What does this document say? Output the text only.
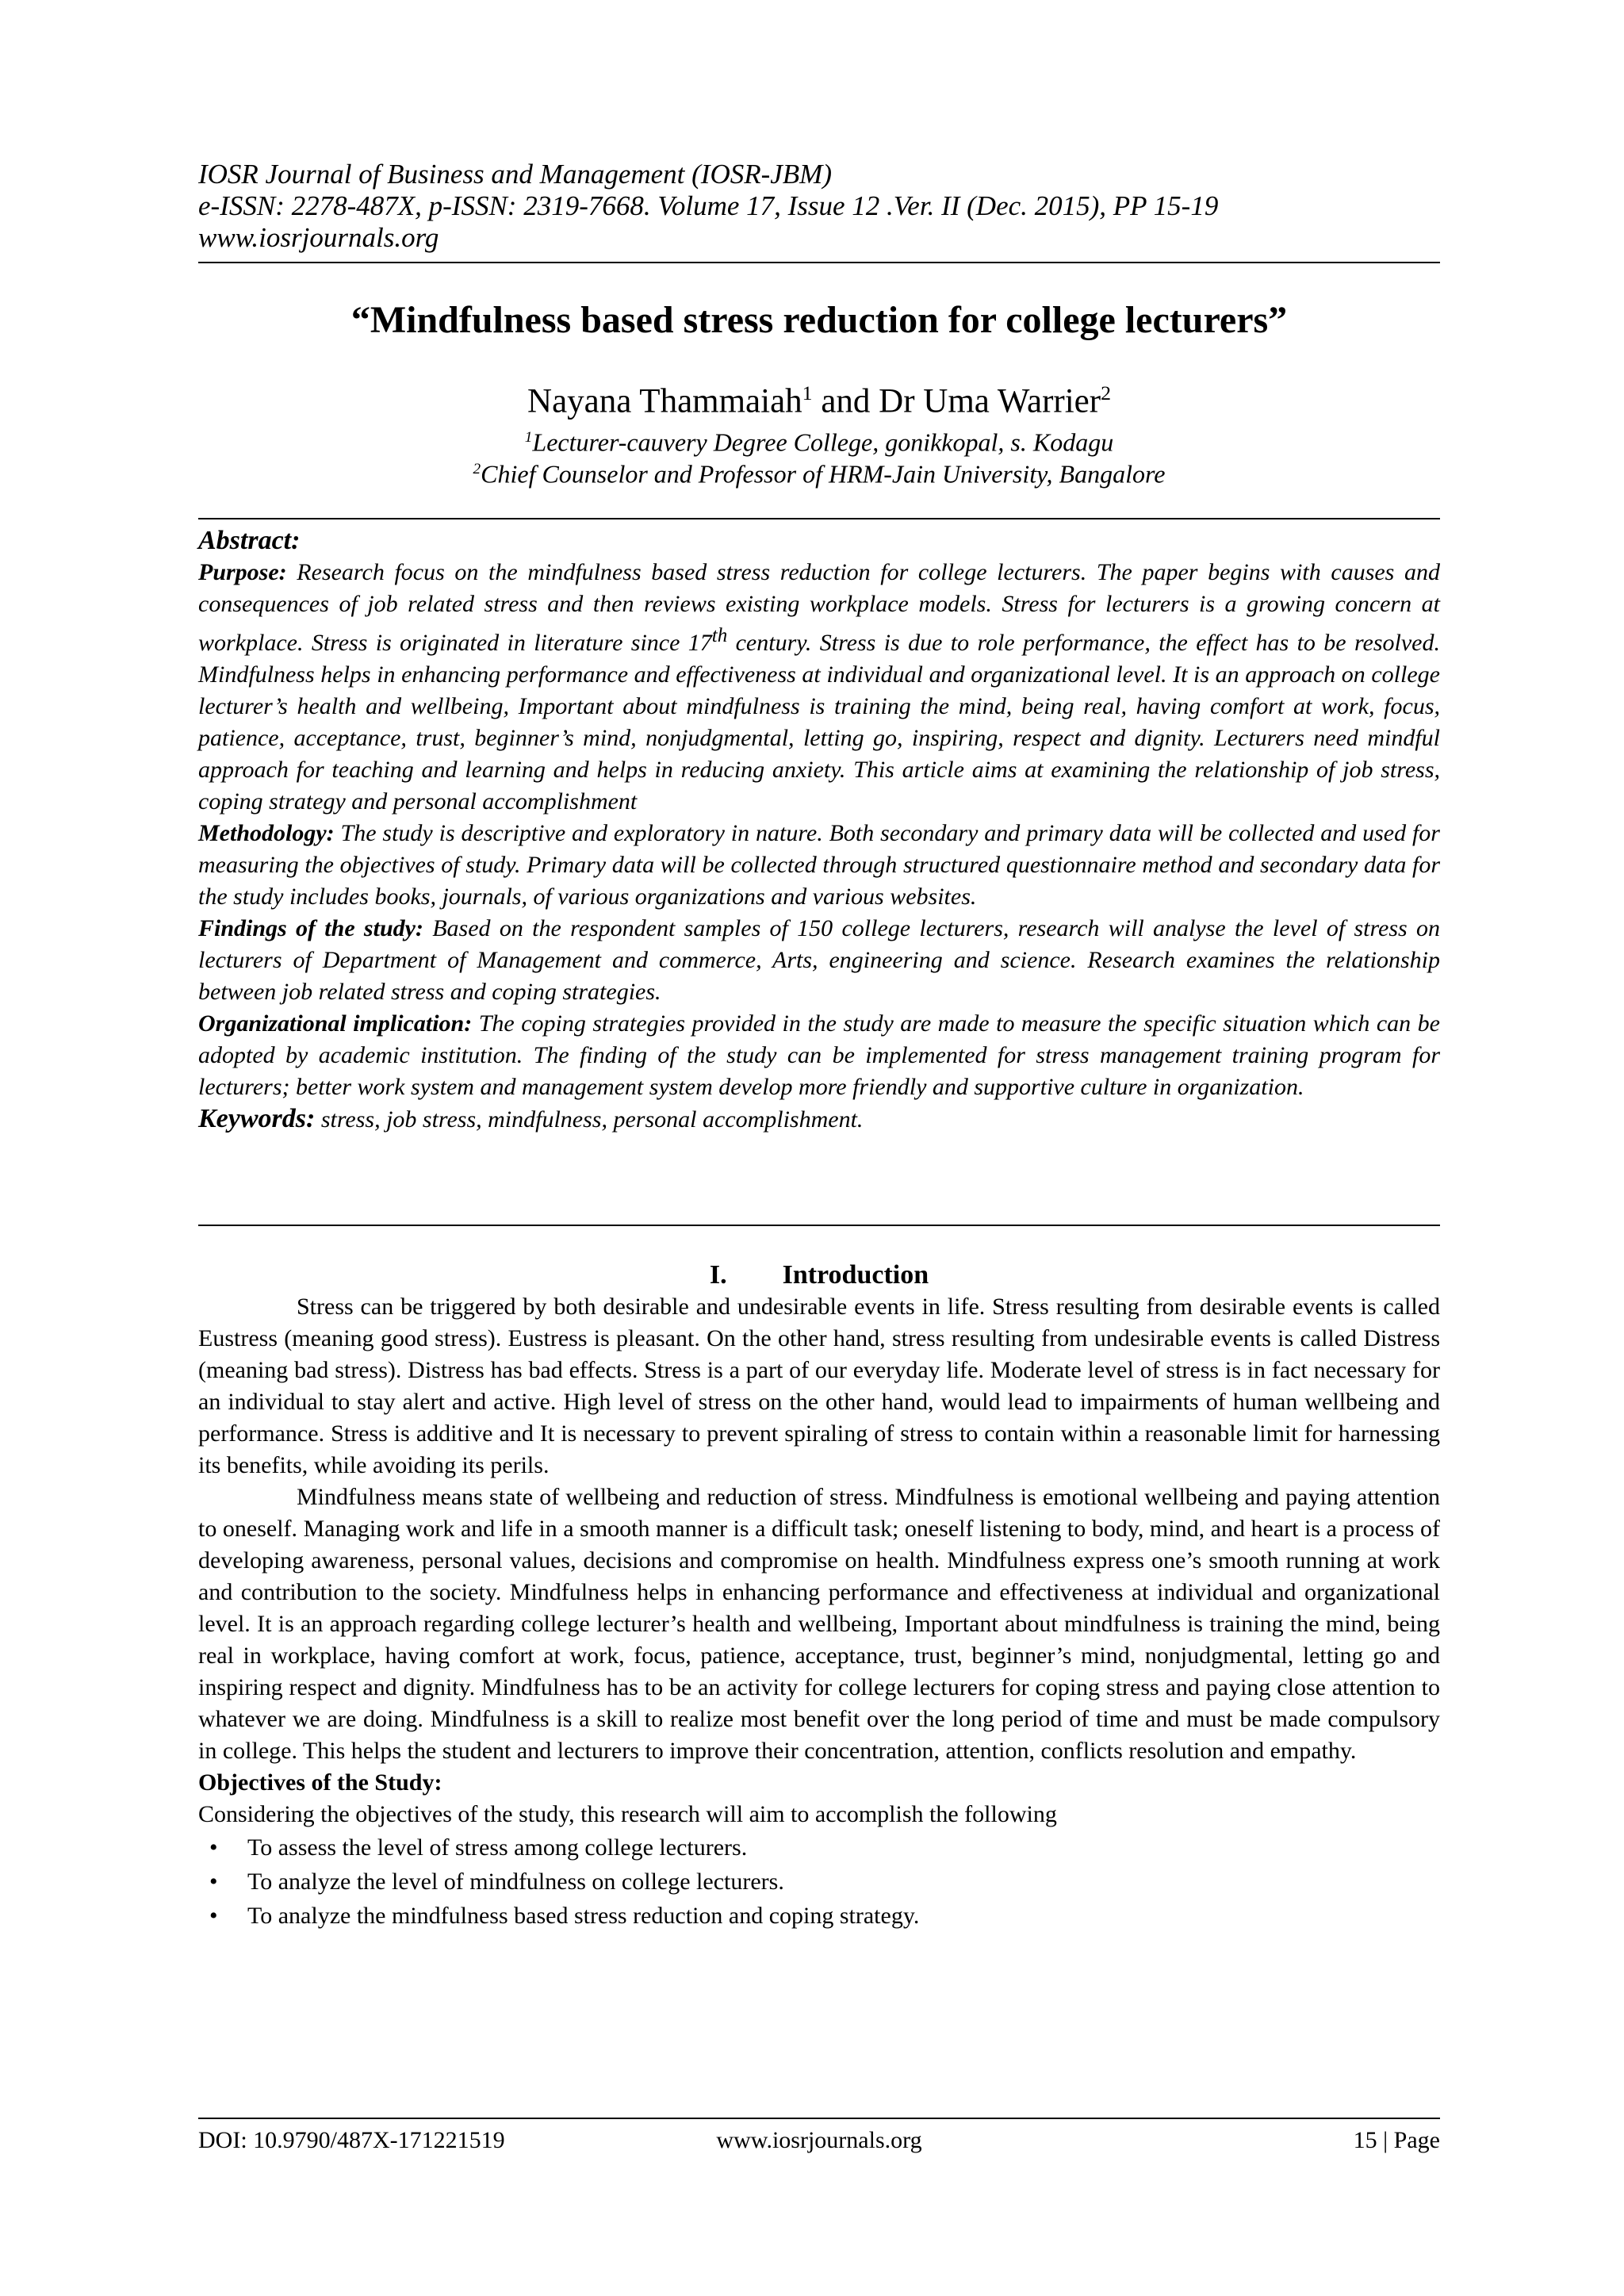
IOSR Journal of Business and Management (IOSR-JBM)
e-ISSN: 2278-487X, p-ISSN: 2319-7668. Volume 17, Issue 12 .Ver. II (Dec. 2015), PP 15-19
www.iosrjournals.org
“Mindfulness based stress reduction for college lecturers”
Nayana Thammaiah$^1$ and Dr Uma Warrier$^2$
$^1$Lecturer-cauvery Degree College, gonikkopal, s. Kodagu
$^2$Chief Counselor and Professor of HRM-Jain University, Bangalore
Abstract:

Purpose: Research focus on the mindfulness based stress reduction for college lecturers. The paper begins with causes and consequences of job related stress and then reviews existing workplace models. Stress for lecturers is a growing concern at workplace. Stress is originated in literature since 17th century. Stress is due to role performance, the effect has to be resolved. Mindfulness helps in enhancing performance and effectiveness at individual and organizational level. It is an approach on college lecturer’s health and wellbeing, Important about mindfulness is training the mind, being real, having comfort at work, focus, patience, acceptance, trust, beginner’s mind, nonjudgmental, letting go, inspiring, respect and dignity. Lecturers need mindful approach for teaching and learning and helps in reducing anxiety. This article aims at examining the relationship of job stress, coping strategy and personal accomplishment

Methodology: The study is descriptive and exploratory in nature. Both secondary and primary data will be collected and used for measuring the objectives of study. Primary data will be collected through structured questionnaire method and secondary data for the study includes books, journals, of various organizations and various websites.

Findings of the study: Based on the respondent samples of 150 college lecturers, research will analyse the level of stress on lecturers of Department of Management and commerce, Arts, engineering and science. Research examines the relationship between job related stress and coping strategies.

Organizational implication: The coping strategies provided in the study are made to measure the specific situation which can be adopted by academic institution. The finding of the study can be implemented for stress management training program for lecturers; better work system and management system develop more friendly and supportive culture in organization.

Keywords: stress, job stress, mindfulness, personal accomplishment.

I. Introduction

Stress can be triggered by both desirable and undesirable events in life. Stress resulting from desirable events is called Eustress (meaning good stress). Eustress is pleasant. On the other hand, stress resulting from undesirable events is called Distress (meaning bad stress). Distress has bad effects. Stress is a part of our everyday life. Moderate level of stress is in fact necessary for an individual to stay alert and active. High level of stress on the other hand, would lead to impairments of human wellbeing and performance. Stress is additive and It is necessary to prevent spiraling of stress to contain within a reasonable limit for harnessing its benefits, while avoiding its perils.

Mindfulness means state of wellbeing and reduction of stress. Mindfulness is emotional wellbeing and paying attention to oneself. Managing work and life in a smooth manner is a difficult task; oneself listening to body, mind, and heart is a process of developing awareness, personal values, decisions and compromise on health. Mindfulness express one’s smooth running at work and contribution to the society. Mindfulness helps in enhancing performance and effectiveness at individual and organizational level. It is an approach regarding college lecturer’s health and wellbeing, Important about mindfulness is training the mind, being real in workplace, having comfort at work, focus, patience, acceptance, trust, beginner’s mind, nonjudgmental, letting go and inspiring respect and dignity. Mindfulness has to be an activity for college lecturers for coping stress and paying close attention to whatever we are doing. Mindfulness is a skill to realize most benefit over the long period of time and must be made compulsory in college. This helps the student and lecturers to improve their concentration, attention, conflicts resolution and empathy.

Objectives of the Study:

Considering the objectives of the study, this research will aim to accomplish the following

• To assess the level of stress among college lecturers.
• To analyze the level of mindfulness on college lecturers.
• To analyze the mindfulness based stress reduction and coping strategy.
DOI: 10.9790/487X-171221519	www.iosrjournals.org	15 | Page
